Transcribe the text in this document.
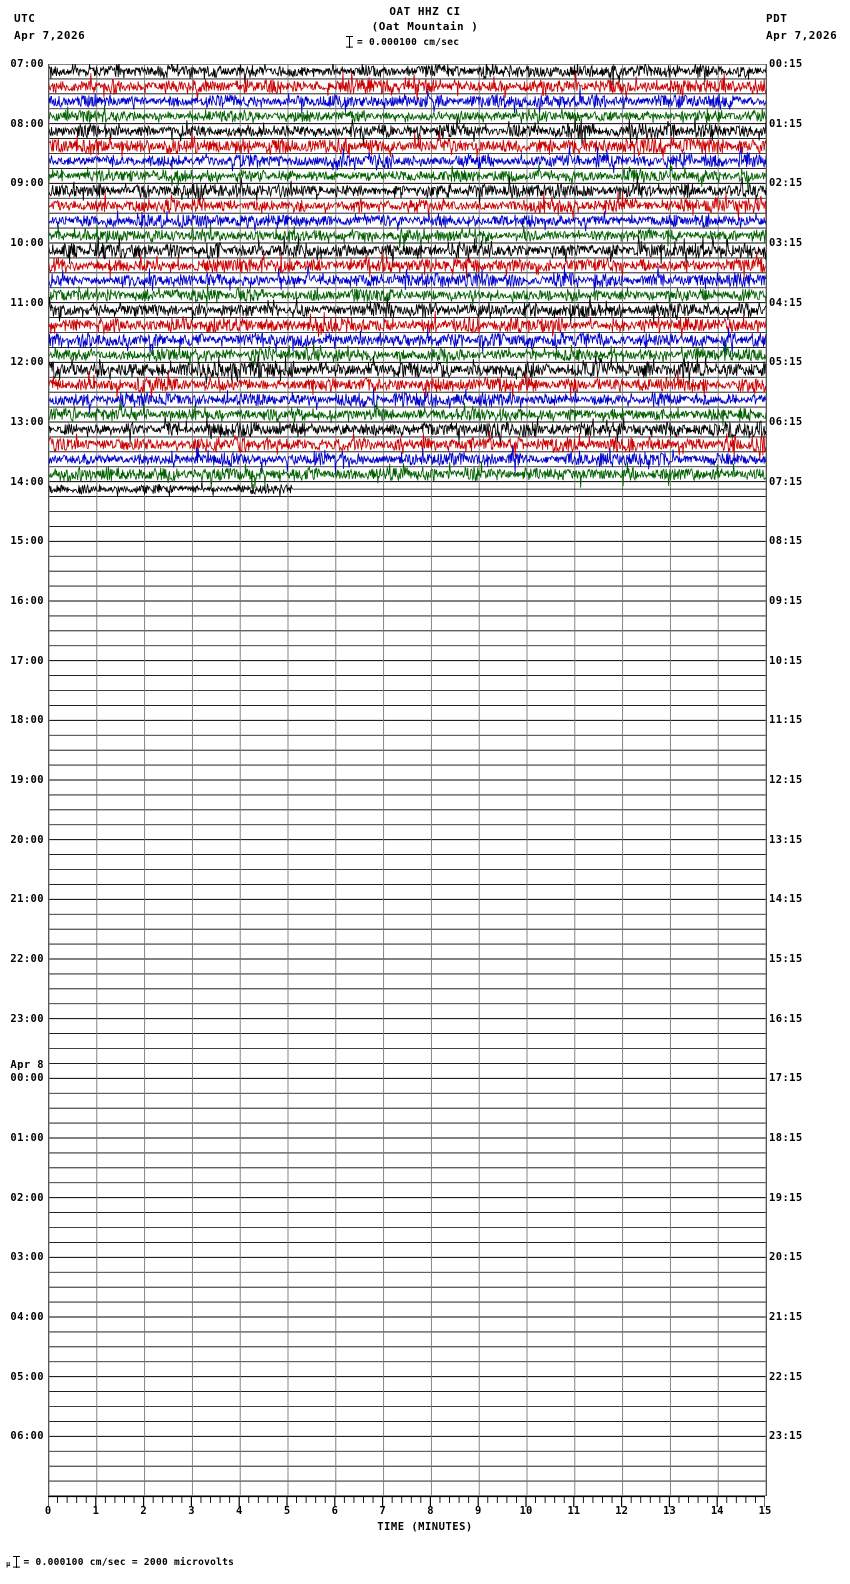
UTC
Apr 7,2026
PDT
Apr 7,2026
OAT HHZ CI
(Oat Mountain )
= 0.000100 cm/sec
07:00
08:00
09:00
10:00
11:00
12:00
13:00
14:00
15:00
16:00
17:00
18:00
19:00
20:00
21:00
22:00
23:00
00:00
01:00
02:00
03:00
04:00
05:00
06:00
Apr 8
00:15
01:15
02:15
03:15
04:15
05:15
06:15
07:15
08:15
09:15
10:15
11:15
12:15
13:15
14:15
15:15
16:15
17:15
18:15
19:15
20:15
21:15
22:15
23:15
0	1	2	3	4	5	6	7	8	9	10	11	12	13	14	15
TIME (MINUTES)
μ = 0.000100 cm/sec = 2000 microvolts
